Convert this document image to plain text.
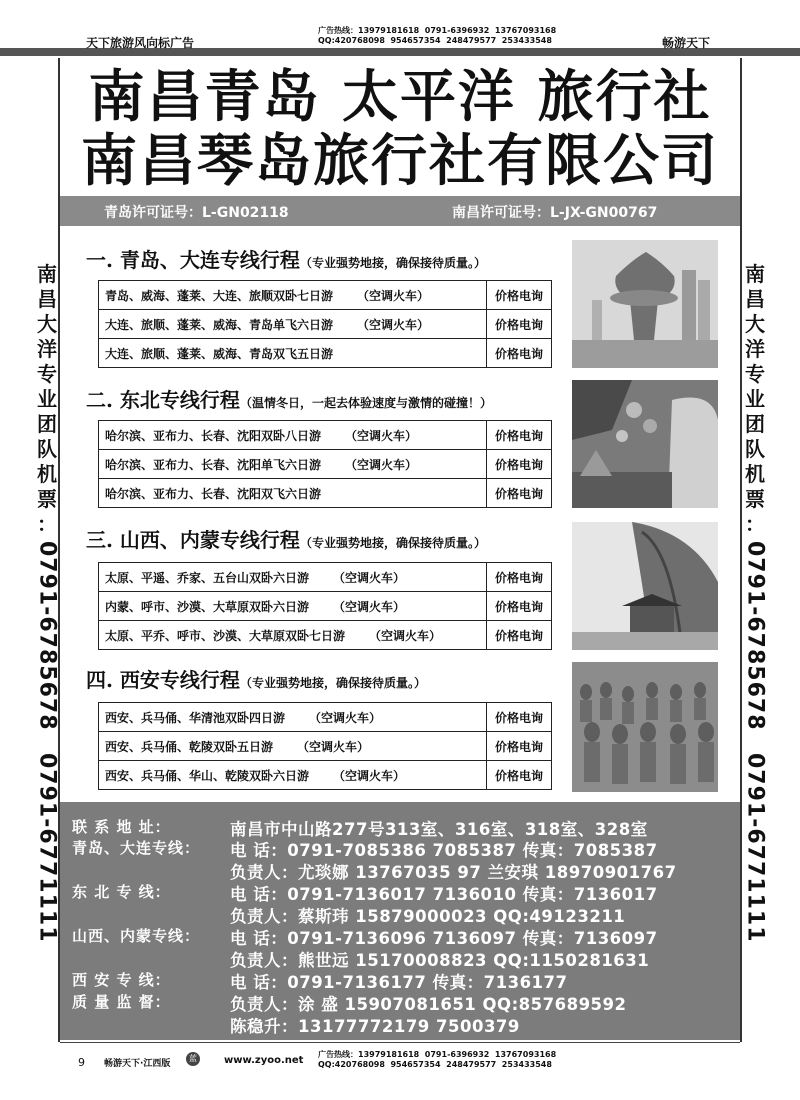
天下旅游风向标广告
广告热线：13979181618  0791-6396932  13767093168
QQ:420768098  954657354  248479577  253433548	畅游天下
南昌青岛 太平洋 旅行社
南昌琴岛旅行社有限公司
青岛许可证号：L-GN02118	南昌许可证号：L-JX-GN00767
南
昌
大
洋
专
业
团
队
机
票
：
0791-6785678
0791-6771111
南
昌
大
洋
专
业
团
队
机
票
：
0791-6785678
0791-6771111
一. 青岛、大连专线行程（专业强势地接，确保接待质量。）
青岛、威海、蓬莱、大连、旅顺双卧七日游 （空调火车）	价格电询
大连、旅顺、蓬莱、威海、青岛单飞六日游 （空调火车）	价格电询
大连、旅顺、蓬莱、威海、青岛双飞五日游	价格电询
二. 东北专线行程（温情冬日，一起去体验速度与激情的碰撞！）
哈尔滨、亚布力、长春、沈阳双卧八日游 （空调火车）	价格电询
哈尔滨、亚布力、长春、沈阳单飞六日游 （空调火车）	价格电询
哈尔滨、亚布力、长春、沈阳双飞六日游	价格电询
三. 山西、内蒙专线行程（专业强势地接，确保接待质量。）
太原、平遥、乔家、五台山双卧六日游 （空调火车）	价格电询
内蒙、呼市、沙漠、大草原双卧六日游 （空调火车）	价格电询
太原、平乔、呼市、沙漠、大草原双卧七日游 （空调火车）	价格电询
四. 西安专线行程（专业强势地接，确保接待质量。）
西安、兵马俑、华清池双卧四日游 （空调火车）	价格电询
西安、兵马俑、乾陵双卧五日游 （空调火车）	价格电询
西安、兵马俑、华山、乾陵双卧六日游 （空调火车）	价格电询
联 系 地 址：	南昌市中山路277号313室、316室、318室、328室
青岛、大连专线： 电 话：0791-7085386 7085387 传真：7085387
负责人：尤琰娜 13767035 97 兰安琪 18970901767
东 北 专 线：	电 话：0791-7136017 7136010 传真：7136017
负责人：蔡斯玮 15879000023 QQ:49123211
山西、内蒙专线： 电 话：0791-7136096 7136097 传真：7136097
负责人：熊世远 15170008823 QQ:1150281631
西 安 专 线：	电 话：0791-7136177 传真：7136177
质 量 监 督：	负责人：涂 盛 15907081651 QQ:857689592
陈稳升：13177772179 7500379
9 畅游天下·江西版
蓝	www.zyoo.net
广告热线：13979181618  0791-6396932  13767093168
QQ:420768098  954657354  248479577  253433548
